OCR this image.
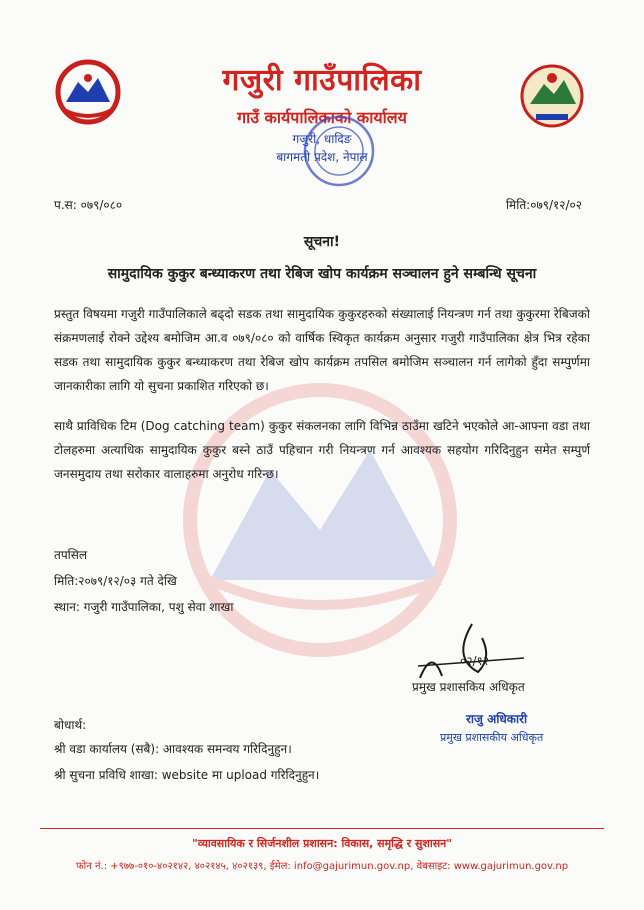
गजुरी गाउँपालिका
गाउँ कार्यपालिकाको कार्यालय
गजुरी, धादिङ
बागमती प्रदेश, नेपाल
प.स: ०७९/०८०	मिति:०७९/१२/०२
सूचना!
सामुदायिक कुकुर बन्ध्याकरण तथा रेबिज खोप कार्यक्रम सञ्चालन हुने सम्बन्धि सूचना
प्रस्तुत विषयमा गजुरी गाउँपालिकाले बढ्दो सडक तथा सामुदायिक कुकुरहरुको संख्यालाई नियन्त्रण गर्न तथा कुकुरमा रेबिजको संक्रमणलाई रोक्ने उद्देश्य बमोजिम आ.व ०७९/०८० को वार्षिक स्विकृत कार्यक्रम अनुसार गजुरी गाउँपालिका क्षेत्र भित्र रहेका सडक तथा सामुदायिक कुकुर बन्ध्याकरण तथा रेबिज खोप कार्यक्रम तपसिल बमोजिम सञ्चालन गर्न लागेको हुँदा सम्पुर्णमा जानकारीका लागि यो सुचना प्रकाशित गरिएको छ।
साथै प्राविधिक टिम (Dog catching team) कुकुर संकलनका लागि विभिन्न ठाउँमा खटिने भएकोले आ-आफ्ना वडा तथा टोलहरुमा अत्याधिक सामुदायिक कुकुर बस्ने ठाउँ पहिचान गरी नियन्त्रण गर्न आवश्यक सहयोग गरिदिनुहुन समेत सम्पुर्ण जनसमुदाय तथा सरोकार वालाहरुमा अनुरोध गरिन्छ।
तपसिल
मिति:२०७९/१२/०३ गते देखि
स्थान: गजुरी गाउँपालिका, पशु सेवा शाखा
०२/१२
प्रमुख प्रशासकिय अधिकृत
राजु अधिकारी
प्रमुख प्रशासकीय अधिकृत
बोधार्थ:
श्री वडा कार्यालय (सबै): आवश्यक समन्वय गरिदिनुहुन।
श्री सुचना प्रविधि शाखा: website मा upload गरिदिनुहुन।
"व्यावसायिक र सिर्जनशील प्रशासन: विकास, समृद्धि र सुशासन"
फोन नं.: +९७७-०१०-४०२१४२, ४०२१४५, ४०२१३९, ईमेल: info@gajurimun.gov.np, वेबसाइट: www.gajurimun.gov.np
